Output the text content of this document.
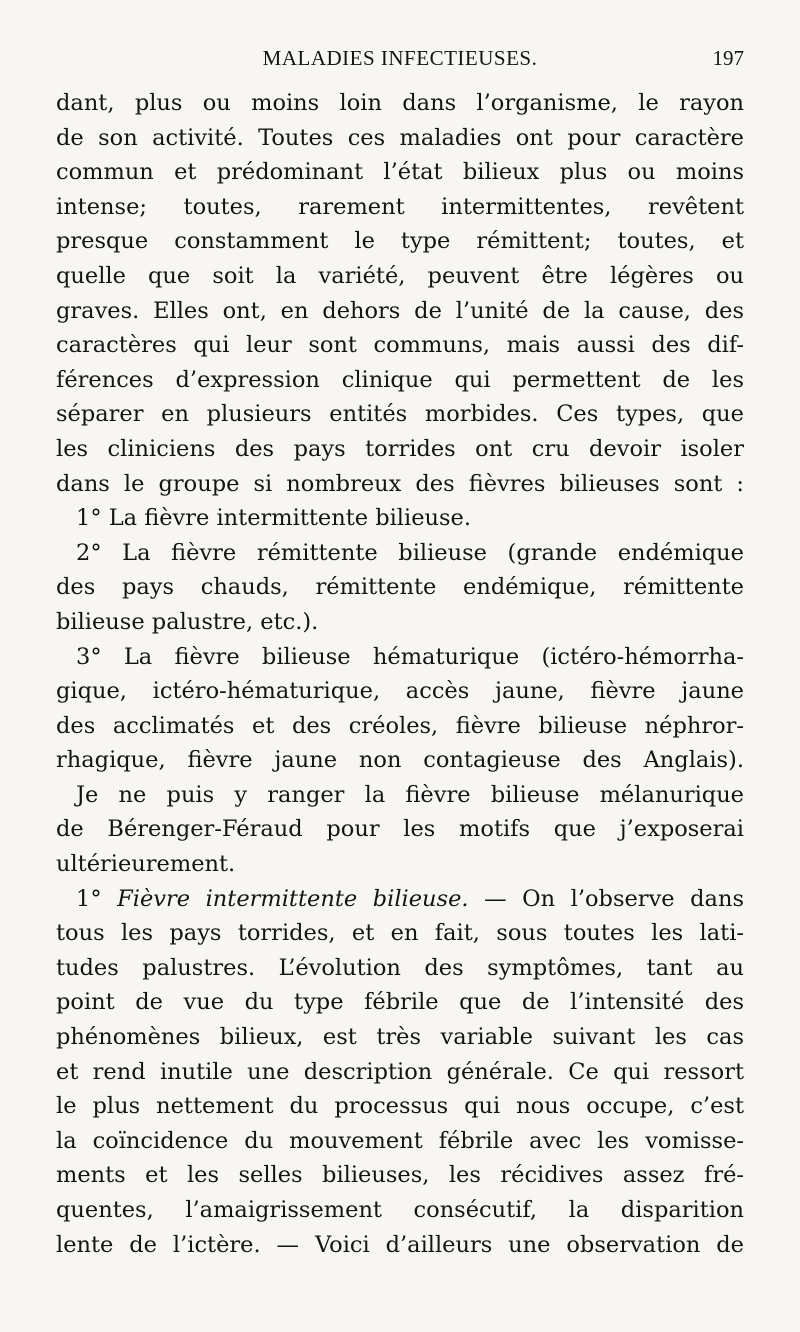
MALADIES INFECTIEUSES.	197
dant, plus ou moins loin dans l’organisme, le rayon
de son activité. Toutes ces maladies ont pour caractère
commun et prédominant l’état bilieux plus ou moins
intense; toutes, rarement intermittentes, revêtent
presque constamment le type rémittent; toutes, et
quelle que soit la variété, peuvent être légères ou
graves. Elles ont, en dehors de l’unité de la cause, des
caractères qui leur sont communs, mais aussi des dif-
férences d’expression clinique qui permettent de les
séparer en plusieurs entités morbides. Ces types, que
les cliniciens des pays torrides ont cru devoir isoler
dans le groupe si nombreux des fièvres bilieuses sont :
1° La fièvre intermittente bilieuse.
2° La fièvre rémittente bilieuse (grande endémique
des pays chauds, rémittente endémique, rémittente
bilieuse palustre, etc.).
3° La fièvre bilieuse hématurique (ictéro-hémorrha-
gique, ictéro-hématurique, accès jaune, fièvre jaune
des acclimatés et des créoles, fièvre bilieuse néphror-
rhagique, fièvre jaune non contagieuse des Anglais).
Je ne puis y ranger la fièvre bilieuse mélanurique
de Bérenger-Féraud pour les motifs que j’exposerai
ultérieurement.
1° Fièvre intermittente bilieuse. — On l’observe dans
tous les pays torrides, et en fait, sous toutes les lati-
tudes palustres. L’évolution des symptômes, tant au
point de vue du type fébrile que de l’intensité des
phénomènes bilieux, est très variable suivant les cas
et rend inutile une description générale. Ce qui ressort
le plus nettement du processus qui nous occupe, c’est
la coïncidence du mouvement fébrile avec les vomisse-
ments et les selles bilieuses, les récidives assez fré-
quentes, l’amaigrissement consécutif, la disparition
lente de l’ictère. — Voici d’ailleurs une observation de
